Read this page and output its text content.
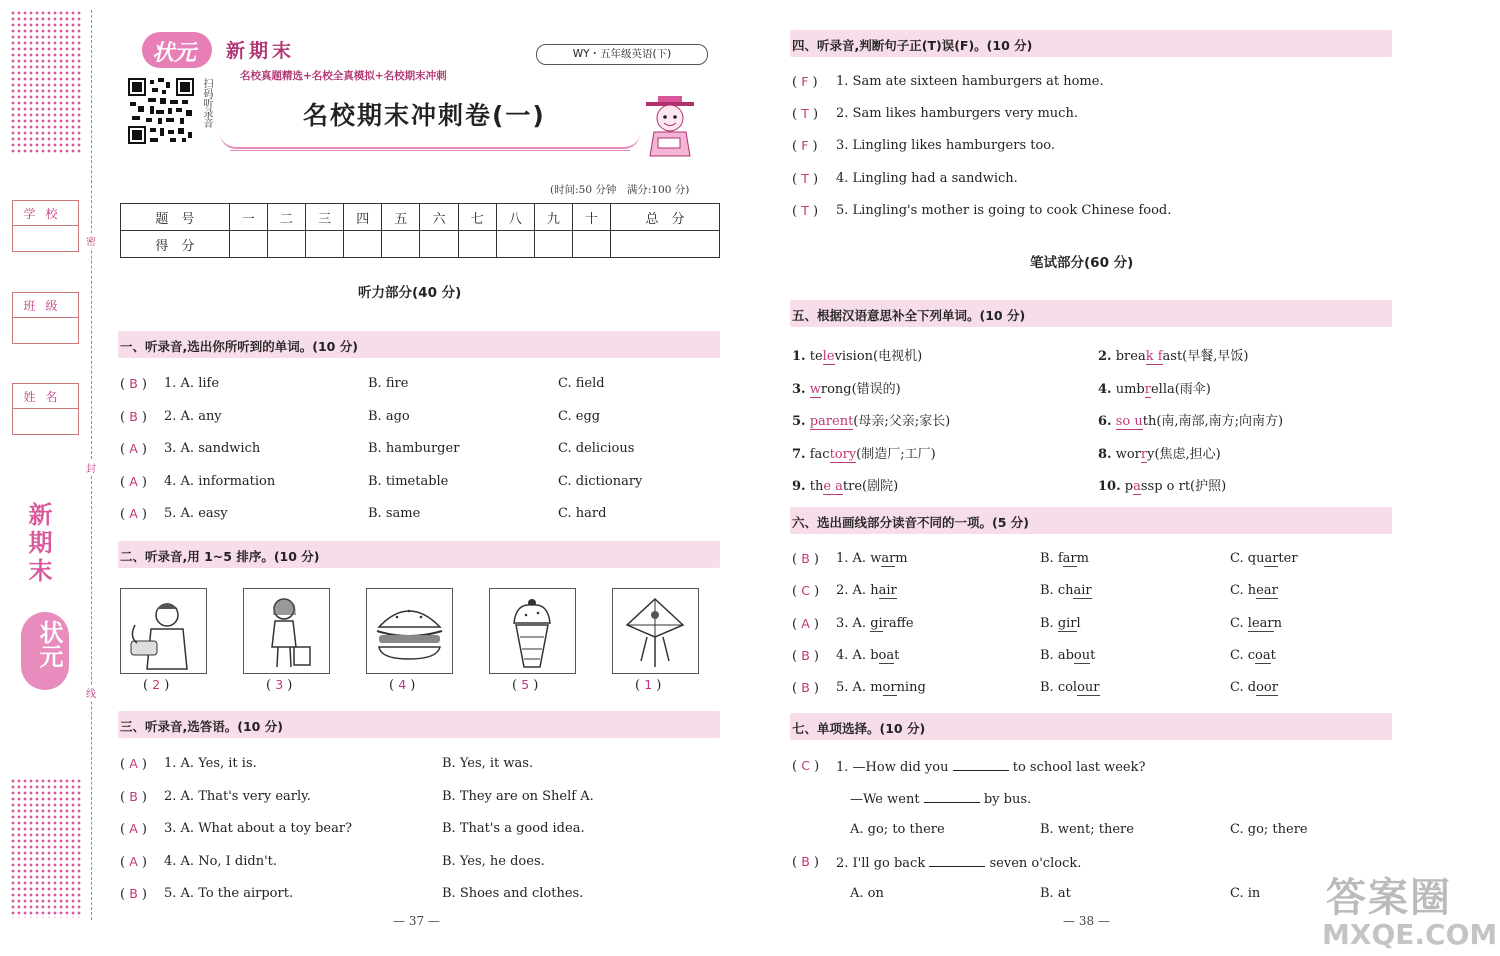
密
封
线
学校
班级
姓名
新期末
状元
状元 新期末	WY・五年级英语(下)
名校真题精选+名校全真模拟+名校期末冲刺
扫码听录音	名校期末冲刺卷(一)
(时间:50 分钟　满分:100 分)
题　号	一	二	三	四	五	六	七	八	九	十	总　分
得　分											
听力部分(40 分)
一、听录音,选出你所听到的单词。(10 分)
( B ) 1. A. life	B. fire	C. field
( B ) 2. A. any	B. ago	C. egg
( A ) 3. A. sandwich	B. hamburger	C. delicious
( A ) 4. A. information	B. timetable	C. dictionary
( A ) 5. A. easy	B. same	C. hard
二、听录音,用 1~5 排序。(10 分)
( 2 )	( 3 )	( 4 )	( 5 )	( 1 )
三、听录音,选答语。(10 分)
( A ) 1. A. Yes, it is.	B. Yes, it was.
( B ) 2. A. That's very early.	B. They are on Shelf A.
( A ) 3. A. What about a toy bear?	B. That's a good idea.
( A ) 4. A. No, I didn't.	B. Yes, he does.
( B ) 5. A. To the airport.	B. Shoes and clothes.
— 37 —
四、听录音,判断句子正(T)误(F)。(10 分)
( F ) 1. Sam ate sixteen hamburgers at home.
( T ) 2. Sam likes hamburgers very much.
( F ) 3. Lingling likes hamburgers too.
( T ) 4. Lingling had a sandwich.
( T ) 5. Lingling's mother is going to cook Chinese food.
笔试部分(60 分)
五、根据汉语意思补全下列单词。(10 分)
1. television(电视机)	2. break fast(早餐,早饭)
3. wrong(错误的)	4. umbrella(雨伞)
5. parent(母亲;父亲;家长)	6. so uth(南,南部,南方;向南方)
7. factory(制造厂;工厂)	8. worry(焦虑,担心)
9. the atre(剧院)	10. passp o rt(护照)
六、选出画线部分读音不同的一项。(5 分)
( B ) 1. A. warm	B. farm	C. quarter
( C ) 2. A. hair	B. chair	C. hear
( A ) 3. A. giraffe	B. girl	C. learn
( B ) 4. A. boat	B. about	C. coat
( B ) 5. A. morning	B. colour	C. door
七、单项选择。(10 分)
( C ) 1. —How did you	to school last week?
—We went	by bus.
A. go; to there	B. went; there	C. go; there
( B ) 2. I'll go back	seven o'clock.
A. on	B. at	C. in
— 38 —	答案圈
MXQE.COM
